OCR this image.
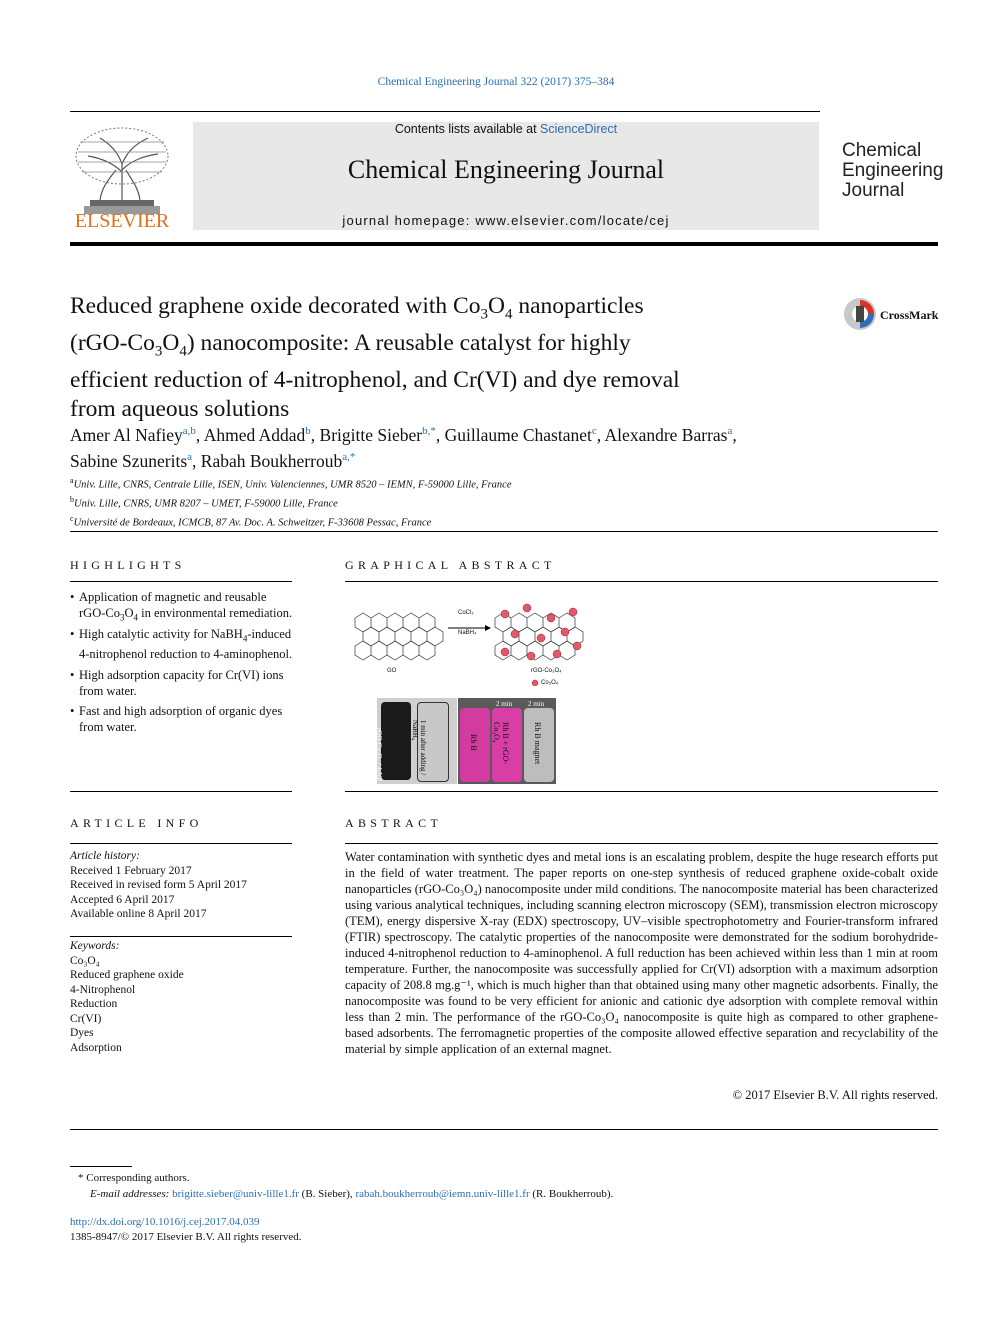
Chemical Engineering Journal 322 (2017) 375–384
ELSEVIER
Contents lists available at ScienceDirect
Chemical Engineering Journal
journal homepage: www.elsevier.com/locate/cej
Chemical
Engineering
Journal
Reduced graphene oxide decorated with $Co_3O_4$ nanoparticles
$(rGO-Co_3O_4)$ nanocomposite: A reusable catalyst for highly
efficient reduction of 4-nitrophenol, and Cr(VI) and dye removal
from aqueous solutions
CrossMark
Amer Al Nafiey$^{a,b}$, Ahmed Addad$^b$, Brigitte Sieber$^{b,*}$, Guillaume Chastanet$^c$, Alexandre Barras$^a$,
Sabine Szunerits$^a$, Rabah Boukherroub$^{a,*}$
$^a$Univ. Lille, CNRS, Centrale Lille, ISEN, Univ. Valenciennes, UMR 8520 – IEMN, F-59000 Lille, France
$^b$Univ. Lille, CNRS, UMR 8207 – UMET, F-59000 Lille, France
$^c$Université de Bordeaux, ICMCB, 87 Av. Doc. A. Schweitzer, F-33608 Pessac, France
HIGHLIGHTS
• Application of magnetic and reusable rGO-$Co_3O_4$ in environmental remediation.
• High catalytic activity for NaBH$_4$-induced 4-nitrophenol reduction to 4-aminophenol.
• High adsorption capacity for Cr(VI) ions from water.
• Fast and high adsorption of organic dyes from water.
GRAPHICAL ABSTRACT
CoCl₂
NaBH₄
GO	rGO-Co₃O₄
Co₃O₄
rGO-Co₃O₄ / 4-NP	1 min after adding / NaBH₄
2 min 2 min
Rh B	Rh B + rGO-Co₃O₄	Rh B magnet
ARTICLE INFO
Article history:
Received 1 February 2017
Received in revised form 5 April 2017
Accepted 6 April 2017
Available online 8 April 2017
Keywords:
Co₃O₄
Reduced graphene oxide
4-Nitrophenol
Reduction
Cr(VI)
Dyes
Adsorption
ABSTRACT
Water contamination with synthetic dyes and metal ions is an escalating problem, despite the huge research efforts put in the field of water treatment. The paper reports on one-step synthesis of reduced graphene oxide-cobalt oxide nanoparticles (rGO-Co₃O₄) nanocomposite under mild conditions. The nanocomposite material has been characterized using various analytical techniques, including scanning electron microscopy (SEM), transmission electron microscopy (TEM), energy dispersive X-ray (EDX) spectroscopy, UV–visible spectrophotometry and Fourier-transform infrared (FTIR) spectroscopy. The catalytic properties of the nanocomposite were demonstrated for the sodium borohydride-induced 4-nitrophenol reduction to 4-aminophenol. A full reduction has been achieved within less than 1 min at room temperature. Further, the nanocomposite was successfully applied for Cr(VI) adsorption with a maximum adsorption capacity of 208.8 mg.g⁻¹, which is much higher than that obtained using many other magnetic adsorbents. Finally, the nanocomposite was found to be very efficient for anionic and cationic dye adsorption with complete removal within less than 2 min. The performance of the rGO-Co₃O₄ nanocomposite is quite high as compared to other graphene-based adsorbents. The ferromagnetic properties of the composite allowed effective separation and recyclability of the material by simple application of an external magnet.
© 2017 Elsevier B.V. All rights reserved.
* Corresponding authors.
E-mail addresses: brigitte.sieber@univ-lille1.fr (B. Sieber), rabah.boukherroub@iemn.univ-lille1.fr (R. Boukherroub).
http://dx.doi.org/10.1016/j.cej.2017.04.039
1385-8947/© 2017 Elsevier B.V. All rights reserved.
